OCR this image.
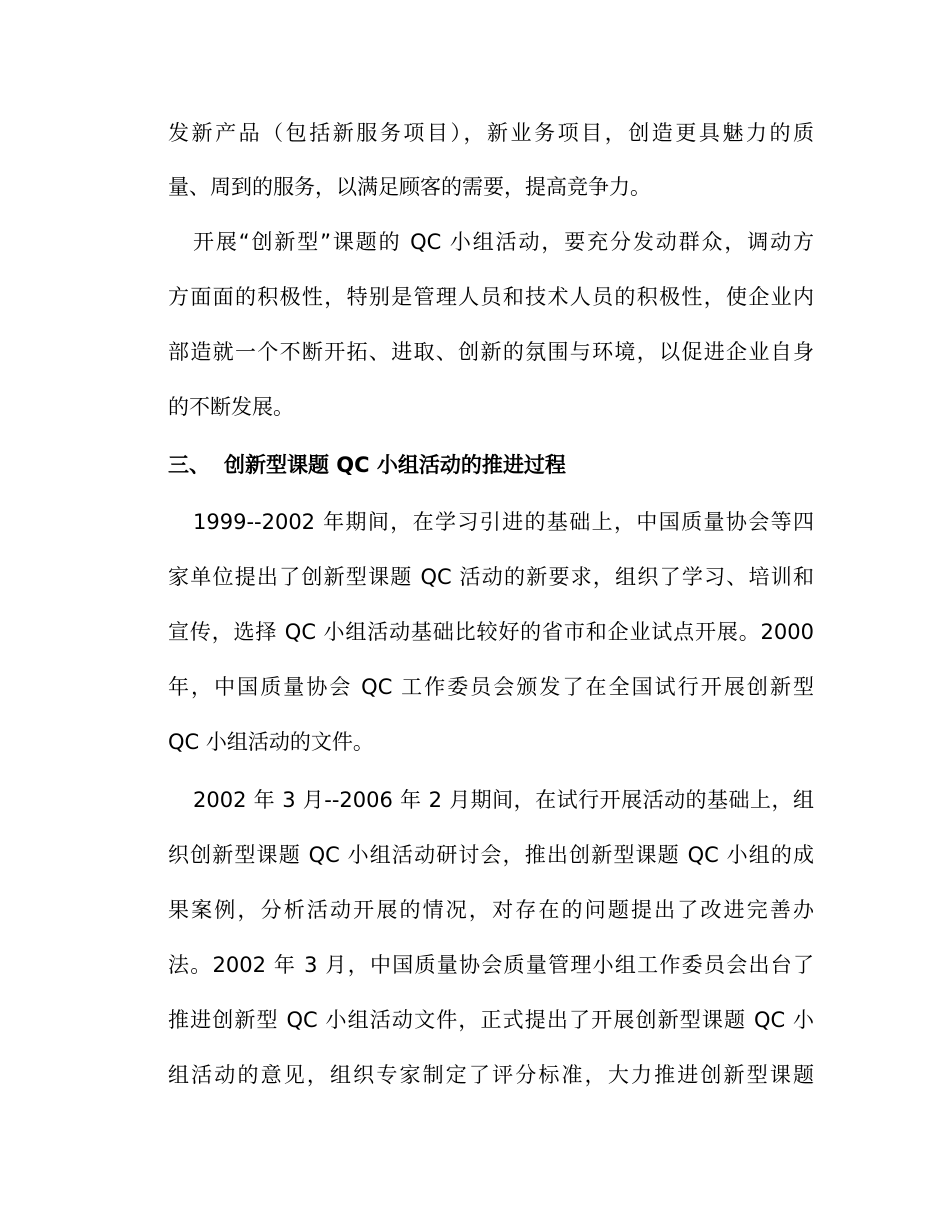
发新产品（包括新服务项目），新业务项目，创造更具魅力的质

量、周到的服务，以满足顾客的需要，提高竞争力。

开展“创新型”课题的 QC 小组活动，要充分发动群众，调动方

方面面的积极性，特别是管理人员和技术人员的积极性，使企业内

部造就一个不断开拓、进取、创新的氛围与环境，以促进企业自身

的不断发展。

三、 创新型课题 QC 小组活动的推进过程

1999--2002 年期间，在学习引进的基础上，中国质量协会等四

家单位提出了创新型课题 QC 活动的新要求，组织了学习、培训和

宣传，选择 QC 小组活动基础比较好的省市和企业试点开展。2000

年，中国质量协会 QC 工作委员会颁发了在全国试行开展创新型

QC 小组活动的文件。

2002 年 3 月--2006 年 2 月期间，在试行开展活动的基础上，组

织创新型课题 QC 小组活动研讨会，推出创新型课题 QC 小组的成

果案例，分析活动开展的情况，对存在的问题提出了改进完善办

法。2002 年 3 月，中国质量协会质量管理小组工作委员会出台了

推进创新型 QC 小组活动文件，正式提出了开展创新型课题 QC 小

组活动的意见，组织专家制定了评分标准，大力推进创新型课题
